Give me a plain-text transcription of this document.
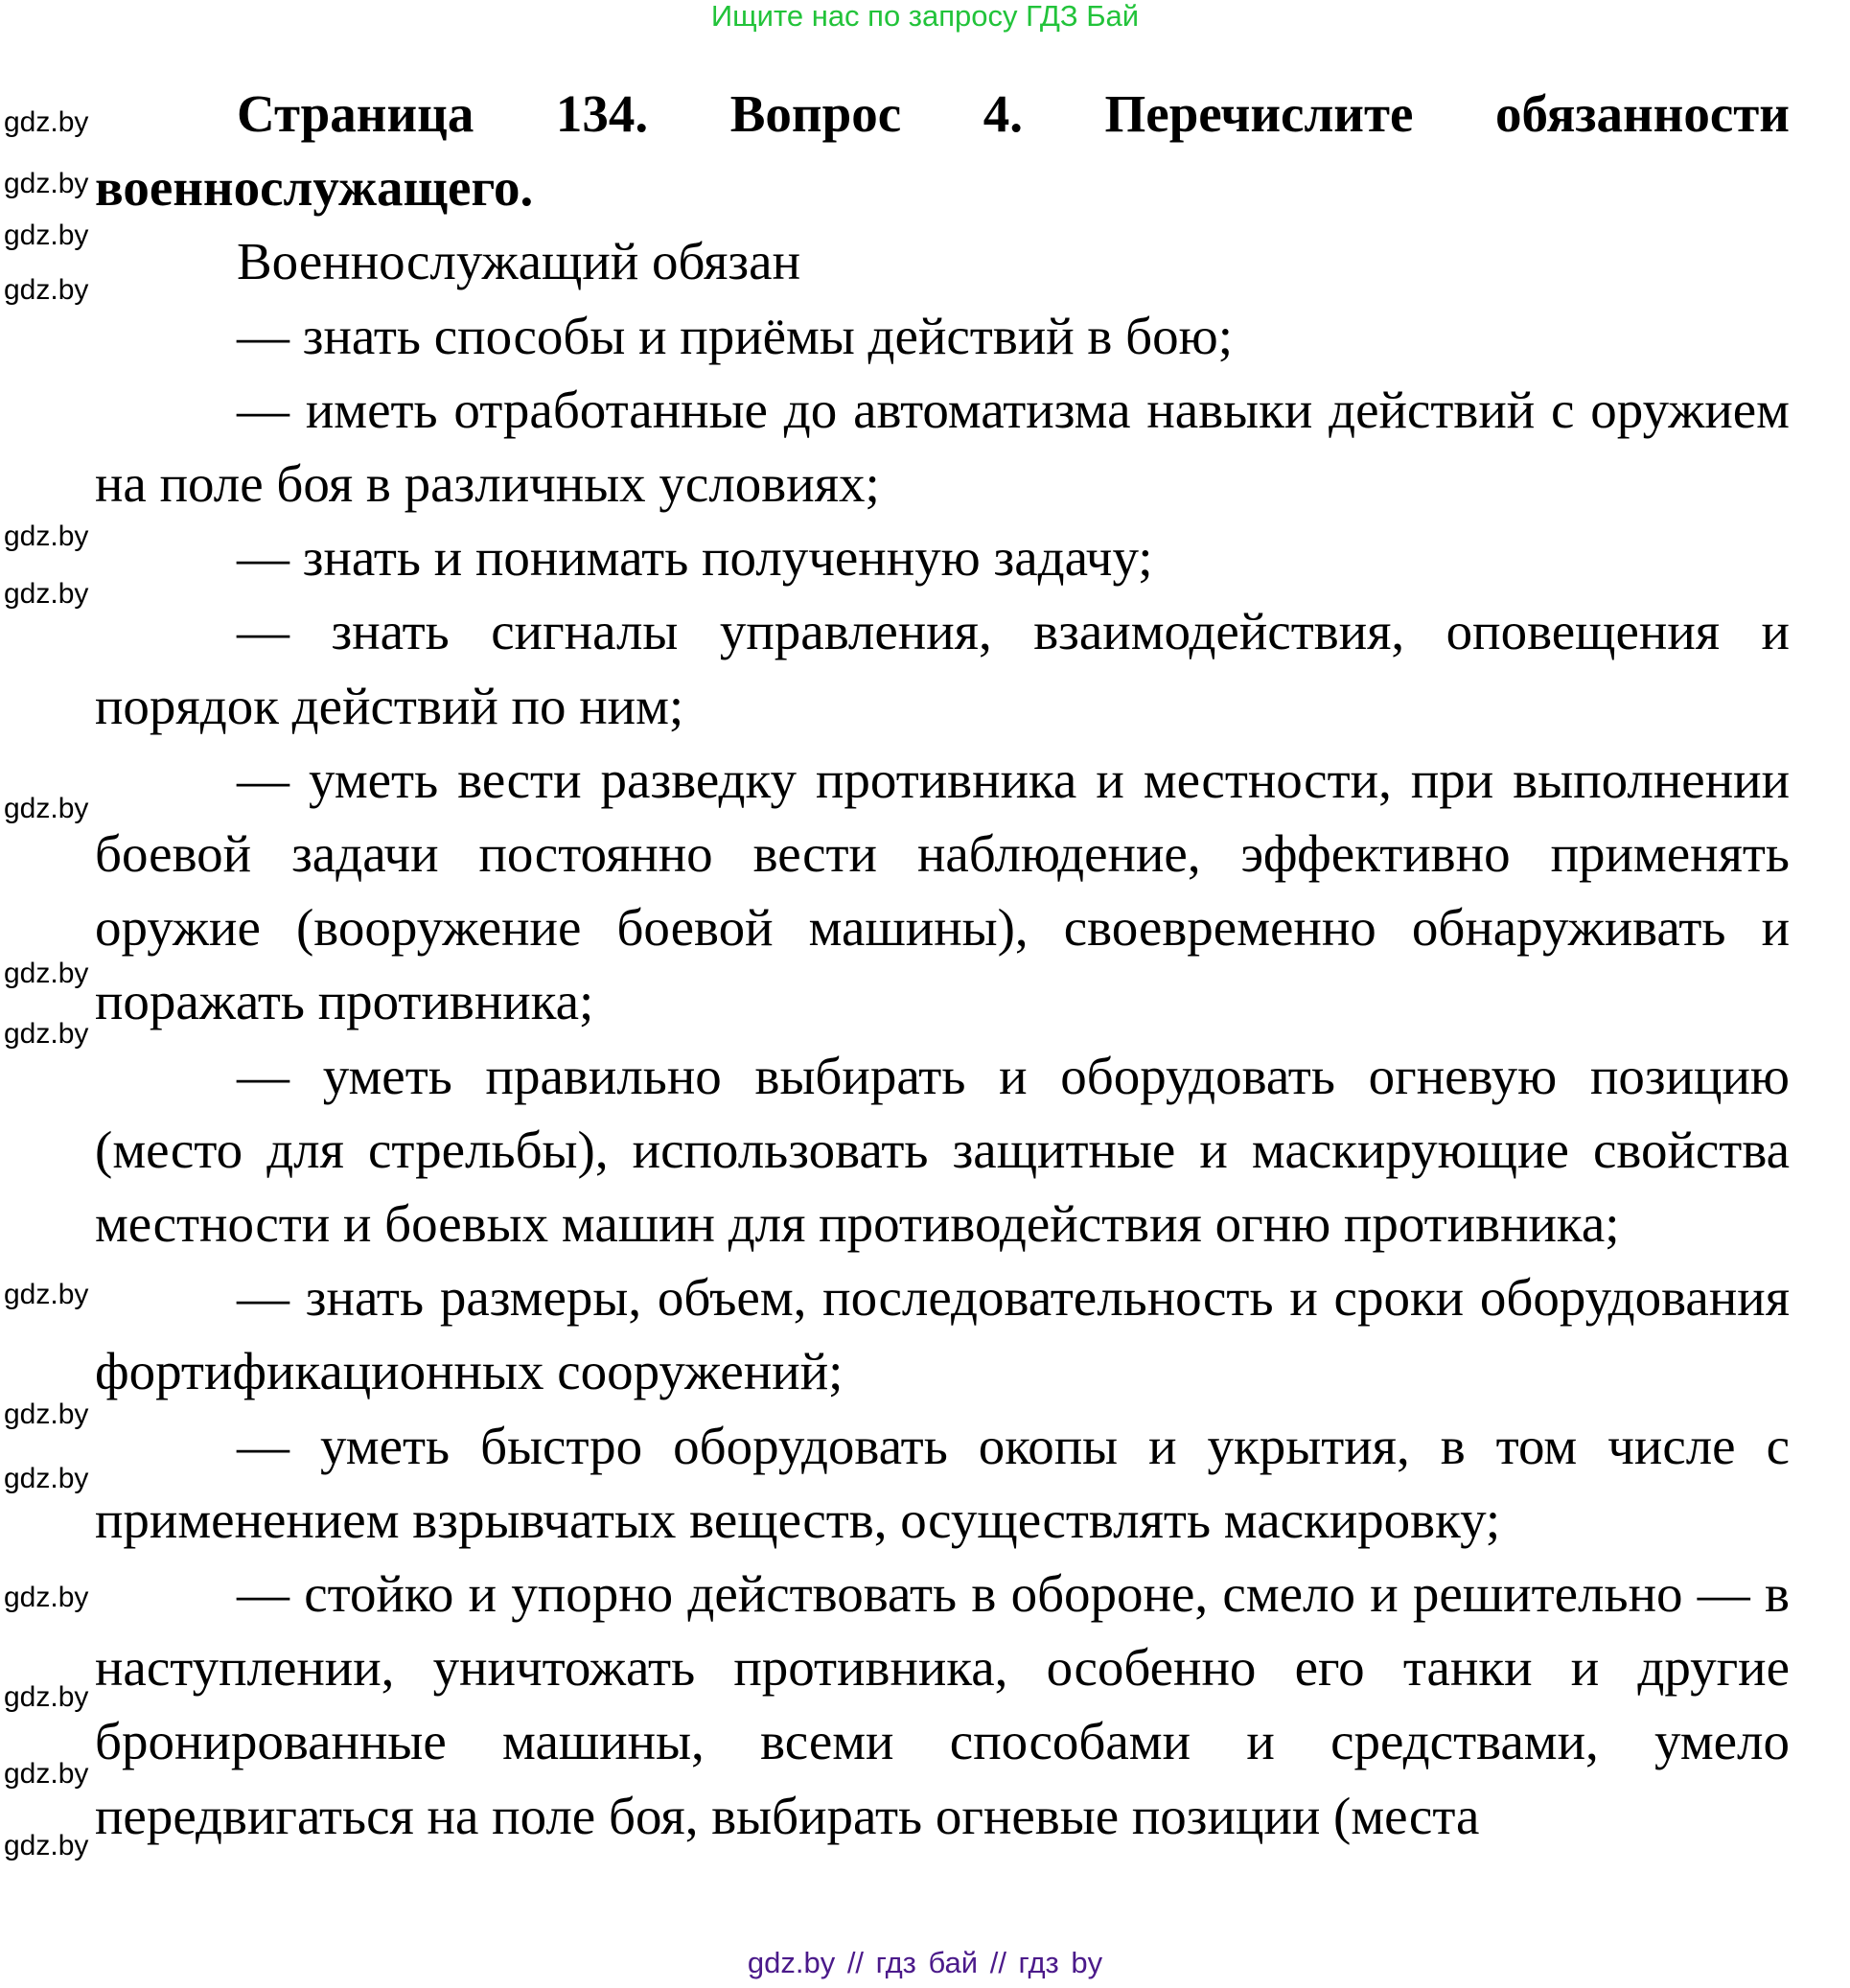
Ищите нас по запросу ГДЗ Бай

Страница 134. Вопрос 4. Перечислите обязанности военнослужащего.

Военнослужащий обязан

— знать способы и приёмы действий в бою;

— иметь отработанные до автоматизма навыки действий с оружием на поле боя в различных условиях;

— знать и понимать полученную задачу;

— знать сигналы управления, взаимодействия, оповещения и порядок действий по ним;

— уметь вести разведку противника и местности, при выполнении боевой задачи постоянно вести наблюдение, эффективно применять оружие (вооружение боевой машины), своевременно обнаруживать и поражать противника;

— уметь правильно выбирать и оборудовать огневую позицию (место для стрельбы), использовать защитные и маскирующие свойства местности и боевых машин для противодействия огню противника;

— знать размеры, объем, последовательность и сроки оборудования фортификационных сооружений;

— уметь быстро оборудовать окопы и укрытия, в том числе с применением взрывчатых веществ, осуществлять маскировку;

— стойко и упорно действовать в обороне, смело и решительно — в наступлении, уничтожать противника, особенно его танки и другие бронированные машины, всеми способами и средствами, умело передвигаться на поле боя, выбирать огневые позиции (места

gdz.by
gdz.by
gdz.by
gdz.by
gdz.by
gdz.by
gdz.by
gdz.by
gdz.by
gdz.by
gdz.by
gdz.by
gdz.by
gdz.by
gdz.by
gdz.by
gdz.by // гдз бай // гдз by
